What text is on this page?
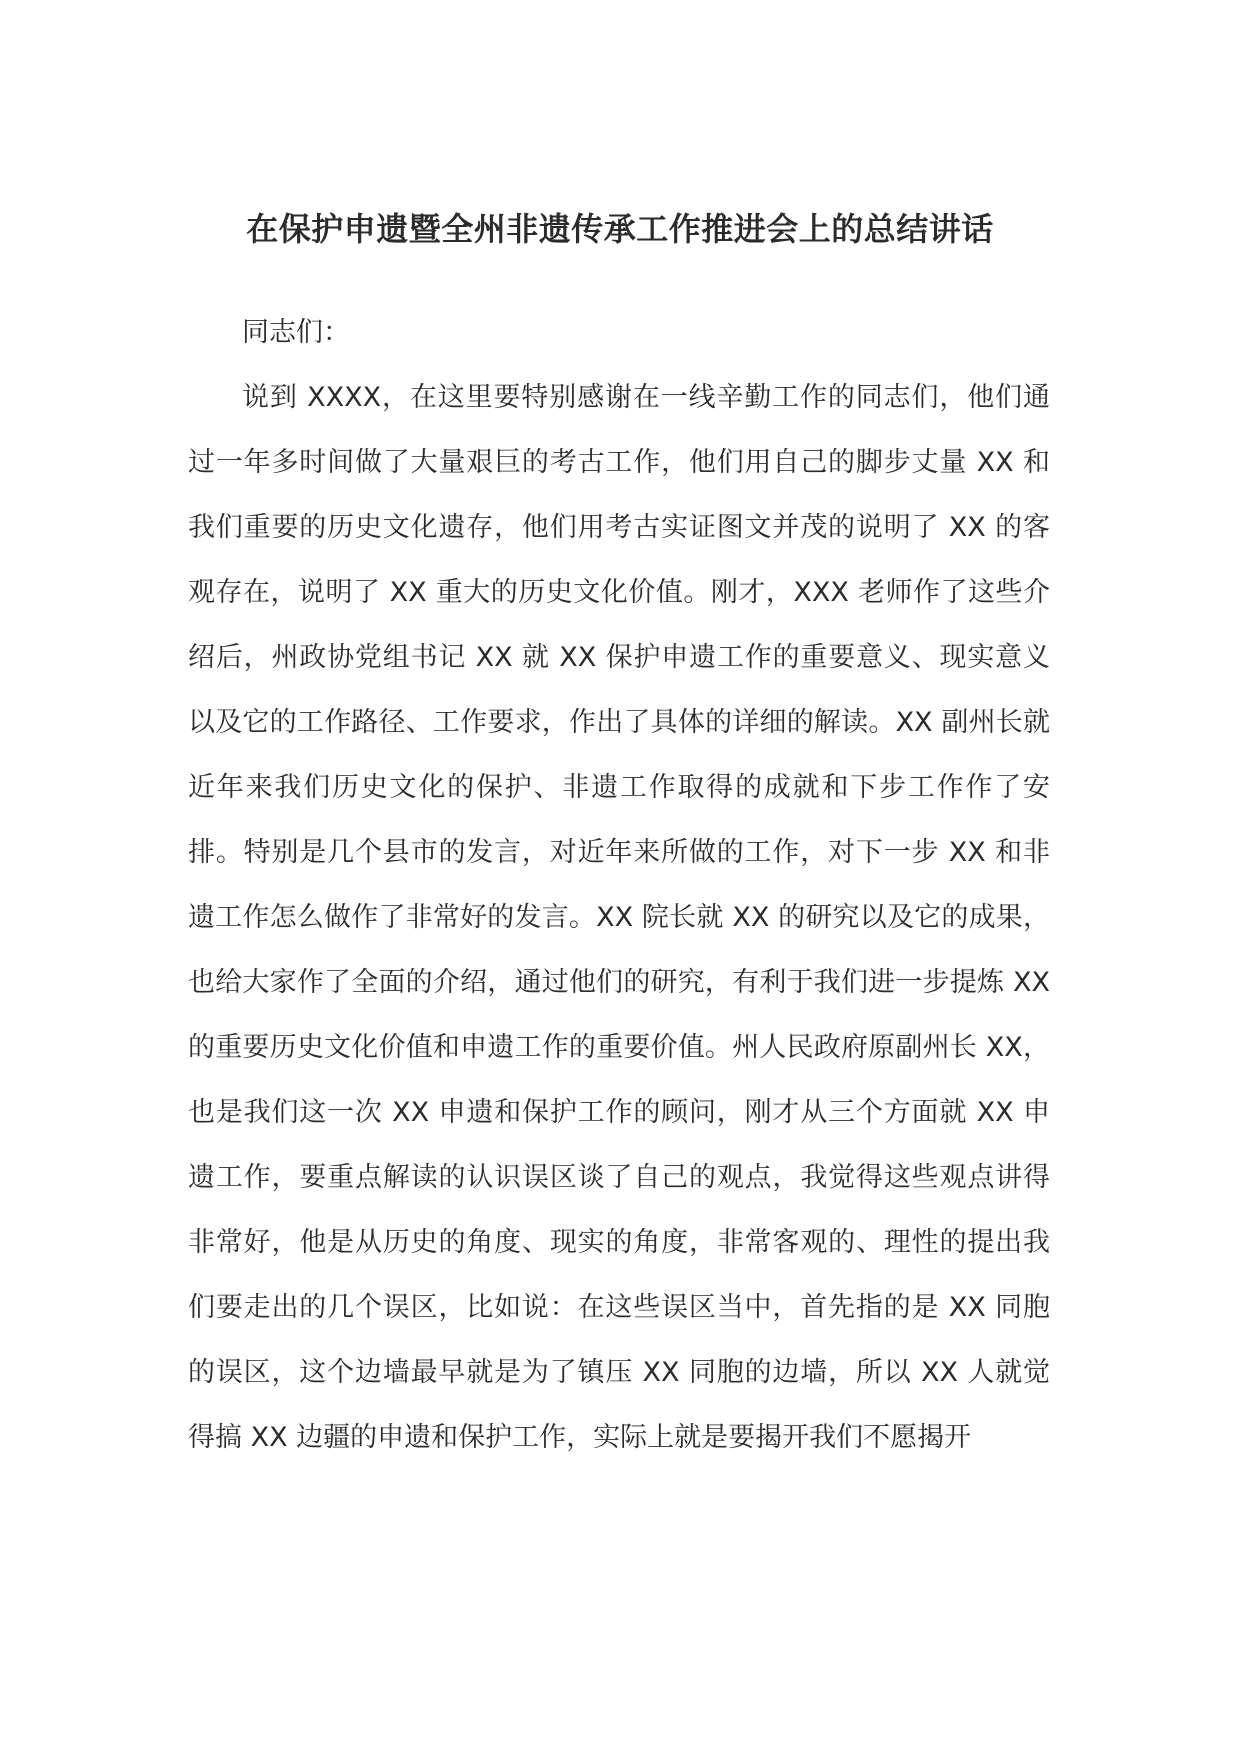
在保护申遗暨全州非遗传承工作推进会上的总结讲话

同志们：

说到 XXXX，在这里要特别感谢在一线辛勤工作的同志们，他们通过一年多时间做了大量艰巨的考古工作，他们用自己的脚步丈量 XX 和我们重要的历史文化遗存，他们用考古实证图文并茂的说明了 XX 的客观存在，说明了 XX 重大的历史文化价值。刚才，XXX 老师作了这些介绍后，州政协党组书记 XX 就 XX 保护申遗工作的重要意义、现实意义以及它的工作路径、工作要求，作出了具体的详细的解读。XX 副州长就近年来我们历史文化的保护、非遗工作取得的成就和下步工作作了安排。特别是几个县市的发言，对近年来所做的工作，对下一步 XX 和非遗工作怎么做作了非常好的发言。XX 院长就 XX 的研究以及它的成果，也给大家作了全面的介绍，通过他们的研究，有利于我们进一步提炼 XX 的重要历史文化价值和申遗工作的重要价值。州人民政府原副州长 XX，也是我们这一次 XX 申遗和保护工作的顾问，刚才从三个方面就 XX 申遗工作，要重点解读的认识误区谈了自己的观点，我觉得这些观点讲得非常好，他是从历史的角度、现实的角度，非常客观的、理性的提出我们要走出的几个误区，比如说：在这些误区当中，首先指的是 XX 同胞的误区，这个边墙最早就是为了镇压 XX 同胞的边墙，所以 XX 人就觉得搞 XX 边疆的申遗和保护工作，实际上就是要揭开我们不愿揭开
